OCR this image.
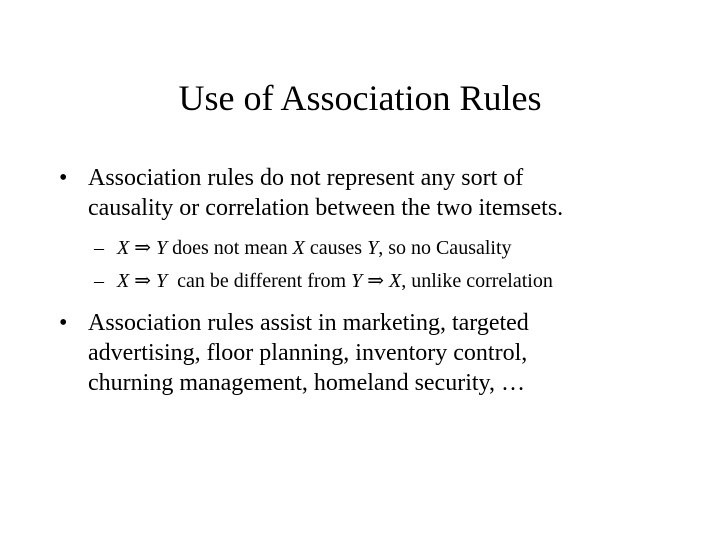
Use of Association Rules
• Association rules do not represent any sort of
causality or correlation between the two itemsets.
– X ⇒ Y does not mean X causes Y, so no Causality
– X ⇒ Y  can be different from Y ⇒ X, unlike correlation
• Association rules assist in marketing, targeted
advertising, floor planning, inventory control,
churning management, homeland security, …
